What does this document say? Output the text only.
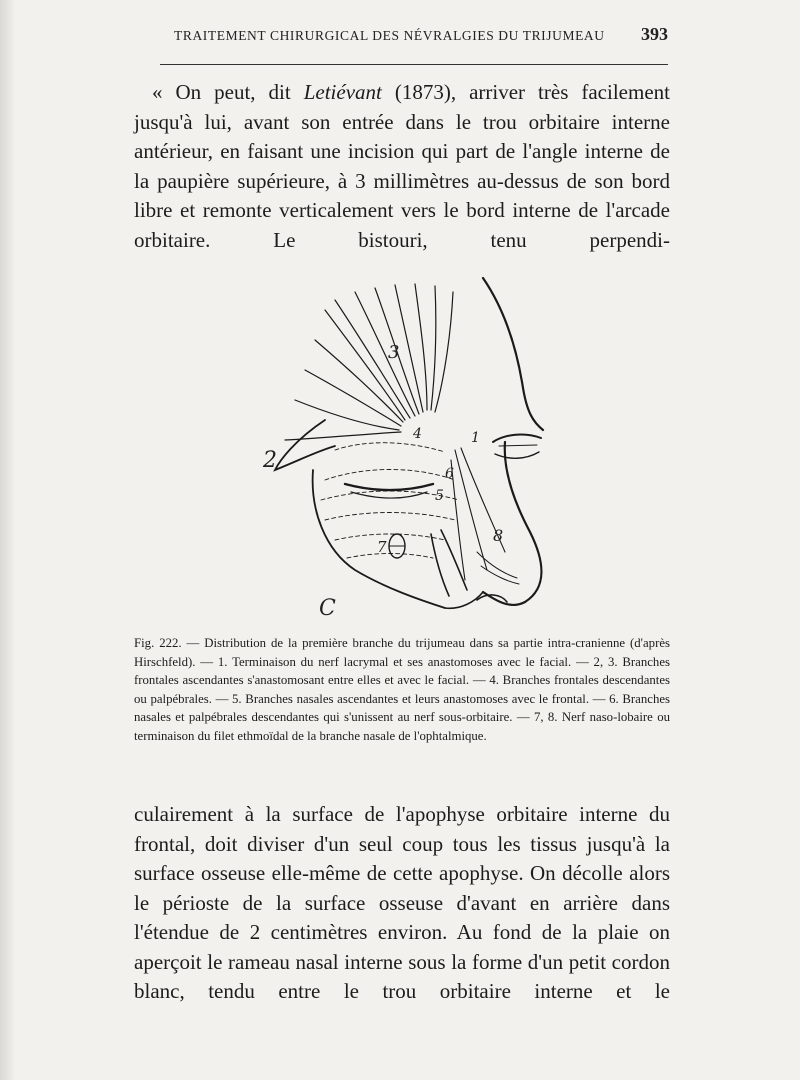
TRAITEMENT CHIRURGICAL DES NÉVRALGIES DU TRIJUMEAU 393

« On peut, dit Letiévant (1873), arriver très facilement jusqu'à lui, avant son entrée dans le trou orbitaire interne antérieur, en faisant une incision qui part de l'angle interne de la paupière supérieure, à 3 millimètres au-dessus de son bord libre et remonte verticalement vers le bord interne de l'arcade orbitaire. Le bistouri, tenu perpendi-

3
2
4	1
6
5
7
8
C

Fig. 222. — Distribution de la première branche du trijumeau dans sa partie intra-cranienne (d'après Hirschfeld). — 1. Terminaison du nerf lacrymal et ses anastomoses avec le facial. — 2, 3. Branches frontales ascendantes s'anastomosant entre elles et avec le facial. — 4. Branches frontales descendantes ou palpébrales. — 5. Branches nasales ascendantes et leurs anastomoses avec le frontal. — 6. Branches nasales et palpébrales descendantes qui s'unissent au nerf sous-orbitaire. — 7, 8. Nerf naso-lobaire ou terminaison du filet ethmoïdal de la branche nasale de l'ophtalmique.

culairement à la surface de l'apophyse orbitaire interne du frontal, doit diviser d'un seul coup tous les tissus jusqu'à la surface osseuse elle-même de cette apophyse. On décolle alors le périoste de la surface osseuse d'avant en arrière dans l'étendue de 2 centimètres environ. Au fond de la plaie on aperçoit le rameau nasal interne sous la forme d'un petit cordon blanc, tendu entre le trou orbitaire interne et le
